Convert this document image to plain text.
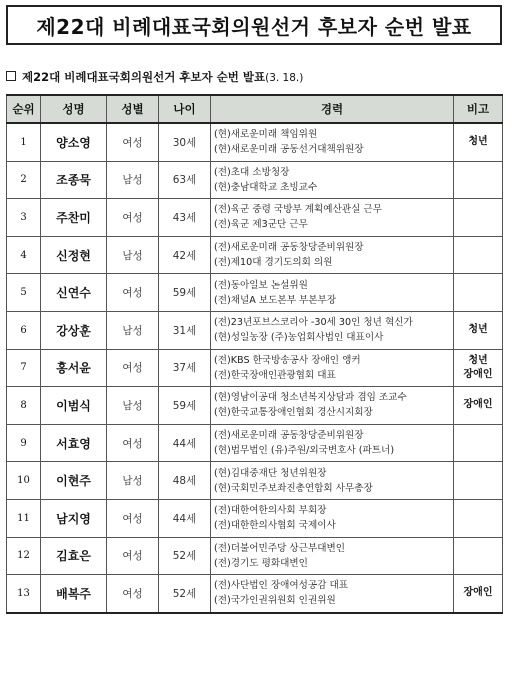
제22대 비례대표국회의원선거 후보자 순번 발표
제22대 비례대표국회의원선거 후보자 순번 발표(3. 18.)
순위	성명	성별	나이	경력	비고
1	양소영	여성	30세	(현)새로운미래 책임위원
(현)새로운미래 공동선거대책위원장	청년

2	조종묵	남성	63세	(전)초대 소방청장
(현)충남대학교 초빙교수	

3	주찬미	여성	43세	(전)육군 중령 국방부 계획예산관실 근무
(전)육군 제3군단 근무	

4	신정현	남성	42세	(전)새로운미래 공동창당준비위원장
(전)제10대 경기도의회 의원	

5	신연수	여성	59세	(전)동아일보 논설위원
(전)채널A 보도본부 부본부장	

6	강상훈	남성	31세	(전)23년포브스코리아 -30세 30인 청년 혁신가
(현)성일농장 (주)농업회사법인 대표이사	청년

7	홍서윤	여성	37세	(전)KBS 한국방송공사 장애인 앵커
(전)한국장애인관광협회 대표	청년
장애인

8	이범식	남성	59세	(현)영남이공대 청소년복지상담과 겸임 조교수
(현)한국교통장애인협회 경산시지회장	장애인

9	서효영	여성	44세	(전)새로운미래 공동창당준비위원장
(현)법무법인 (유)주원/외국변호사 (파트너)	

10	이현주	남성	48세	(현)김대중재단 청년위원장
(현)국회민주보좌진총연합회 사무총장	

11	남지영	여성	44세	(전)대한여한의사회 부회장
(전)대한한의사협회 국제이사	

12	김효은	여성	52세	(전)더불어민주당 상근부대변인
(전)경기도 평화대변인	

13	배복주	여성	52세	(전)사단법인 장애여성공감 대표
(전)국가인권위원회 인권위원	장애인
